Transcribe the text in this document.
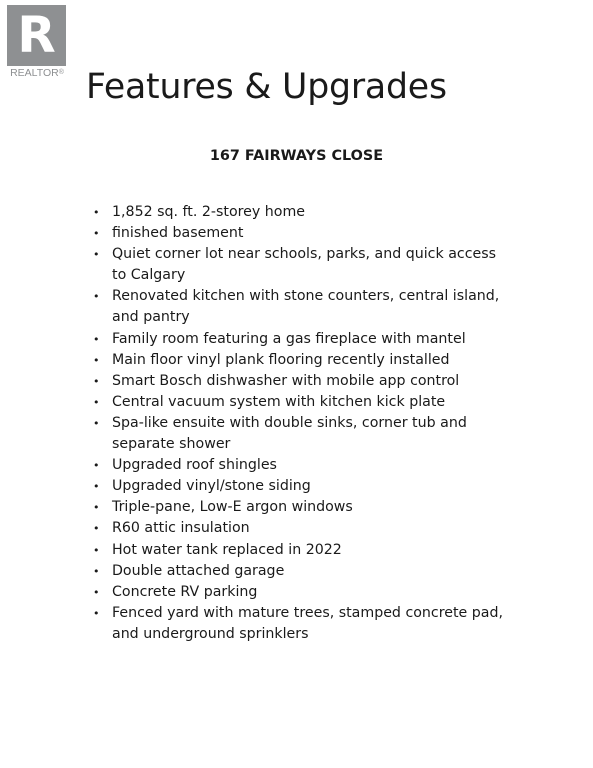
R
REALTOR® Features & Upgrades
167 FAIRWAYS CLOSE
• 1,852 sq. ft. 2-storey home
• finished basement
• Quiet corner lot near schools, parks, and quick access to Calgary
• Renovated kitchen with stone counters, central island, and pantry
• Family room featuring a gas fireplace with mantel
• Main floor vinyl plank flooring recently installed
• Smart Bosch dishwasher with mobile app control
• Central vacuum system with kitchen kick plate
• Spa-like ensuite with double sinks, corner tub and separate shower
• Upgraded roof shingles
• Upgraded vinyl/stone siding
• Triple-pane, Low-E argon windows
• R60 attic insulation
• Hot water tank replaced in 2022
• Double attached garage
• Concrete RV parking
• Fenced yard with mature trees, stamped concrete pad, and underground sprinklers
